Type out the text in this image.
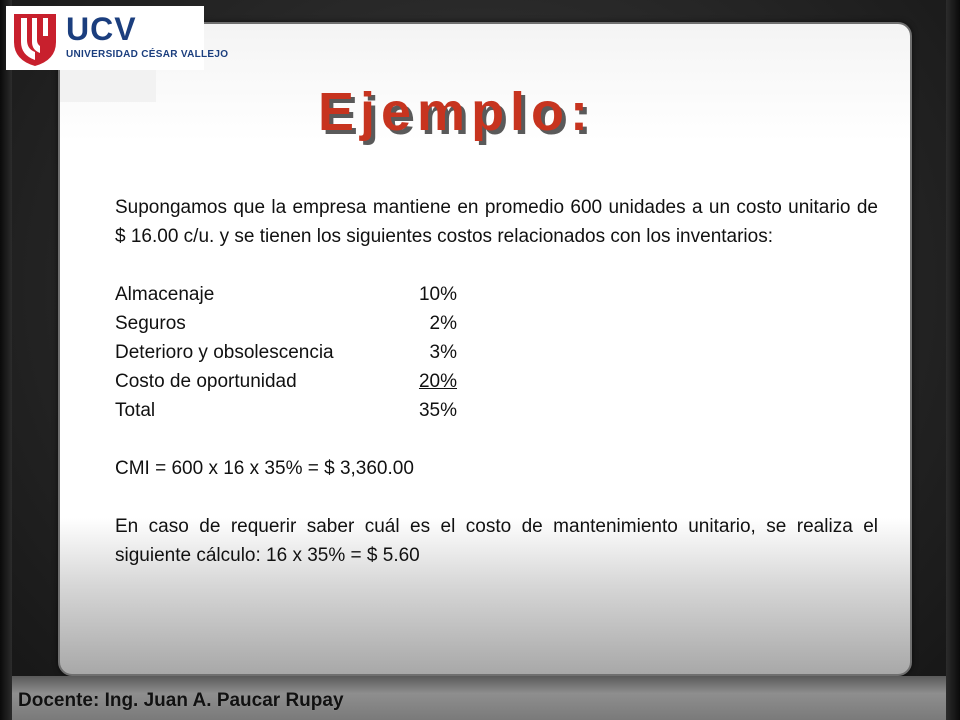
UCV
UNIVERSIDAD CÉSAR VALLEJO
Ejemplo:

Supongamos que la empresa mantiene en promedio 600 unidades a un costo unitario de $ 16.00 c/u. y se tienen los siguientes costos relacionados con los inventarios:

Almacenaje	10%
Seguros	2%
Deterioro y obsolescencia	3%
Costo de oportunidad	20%
Total	35%
CMI = 600 x 16 x 35% = $ 3,360.00

En caso de requerir saber cuál es el costo de mantenimiento unitario, se realiza el siguiente cálculo: 16 x 35% = $ 5.60

Docente: Ing. Juan A. Paucar Rupay
